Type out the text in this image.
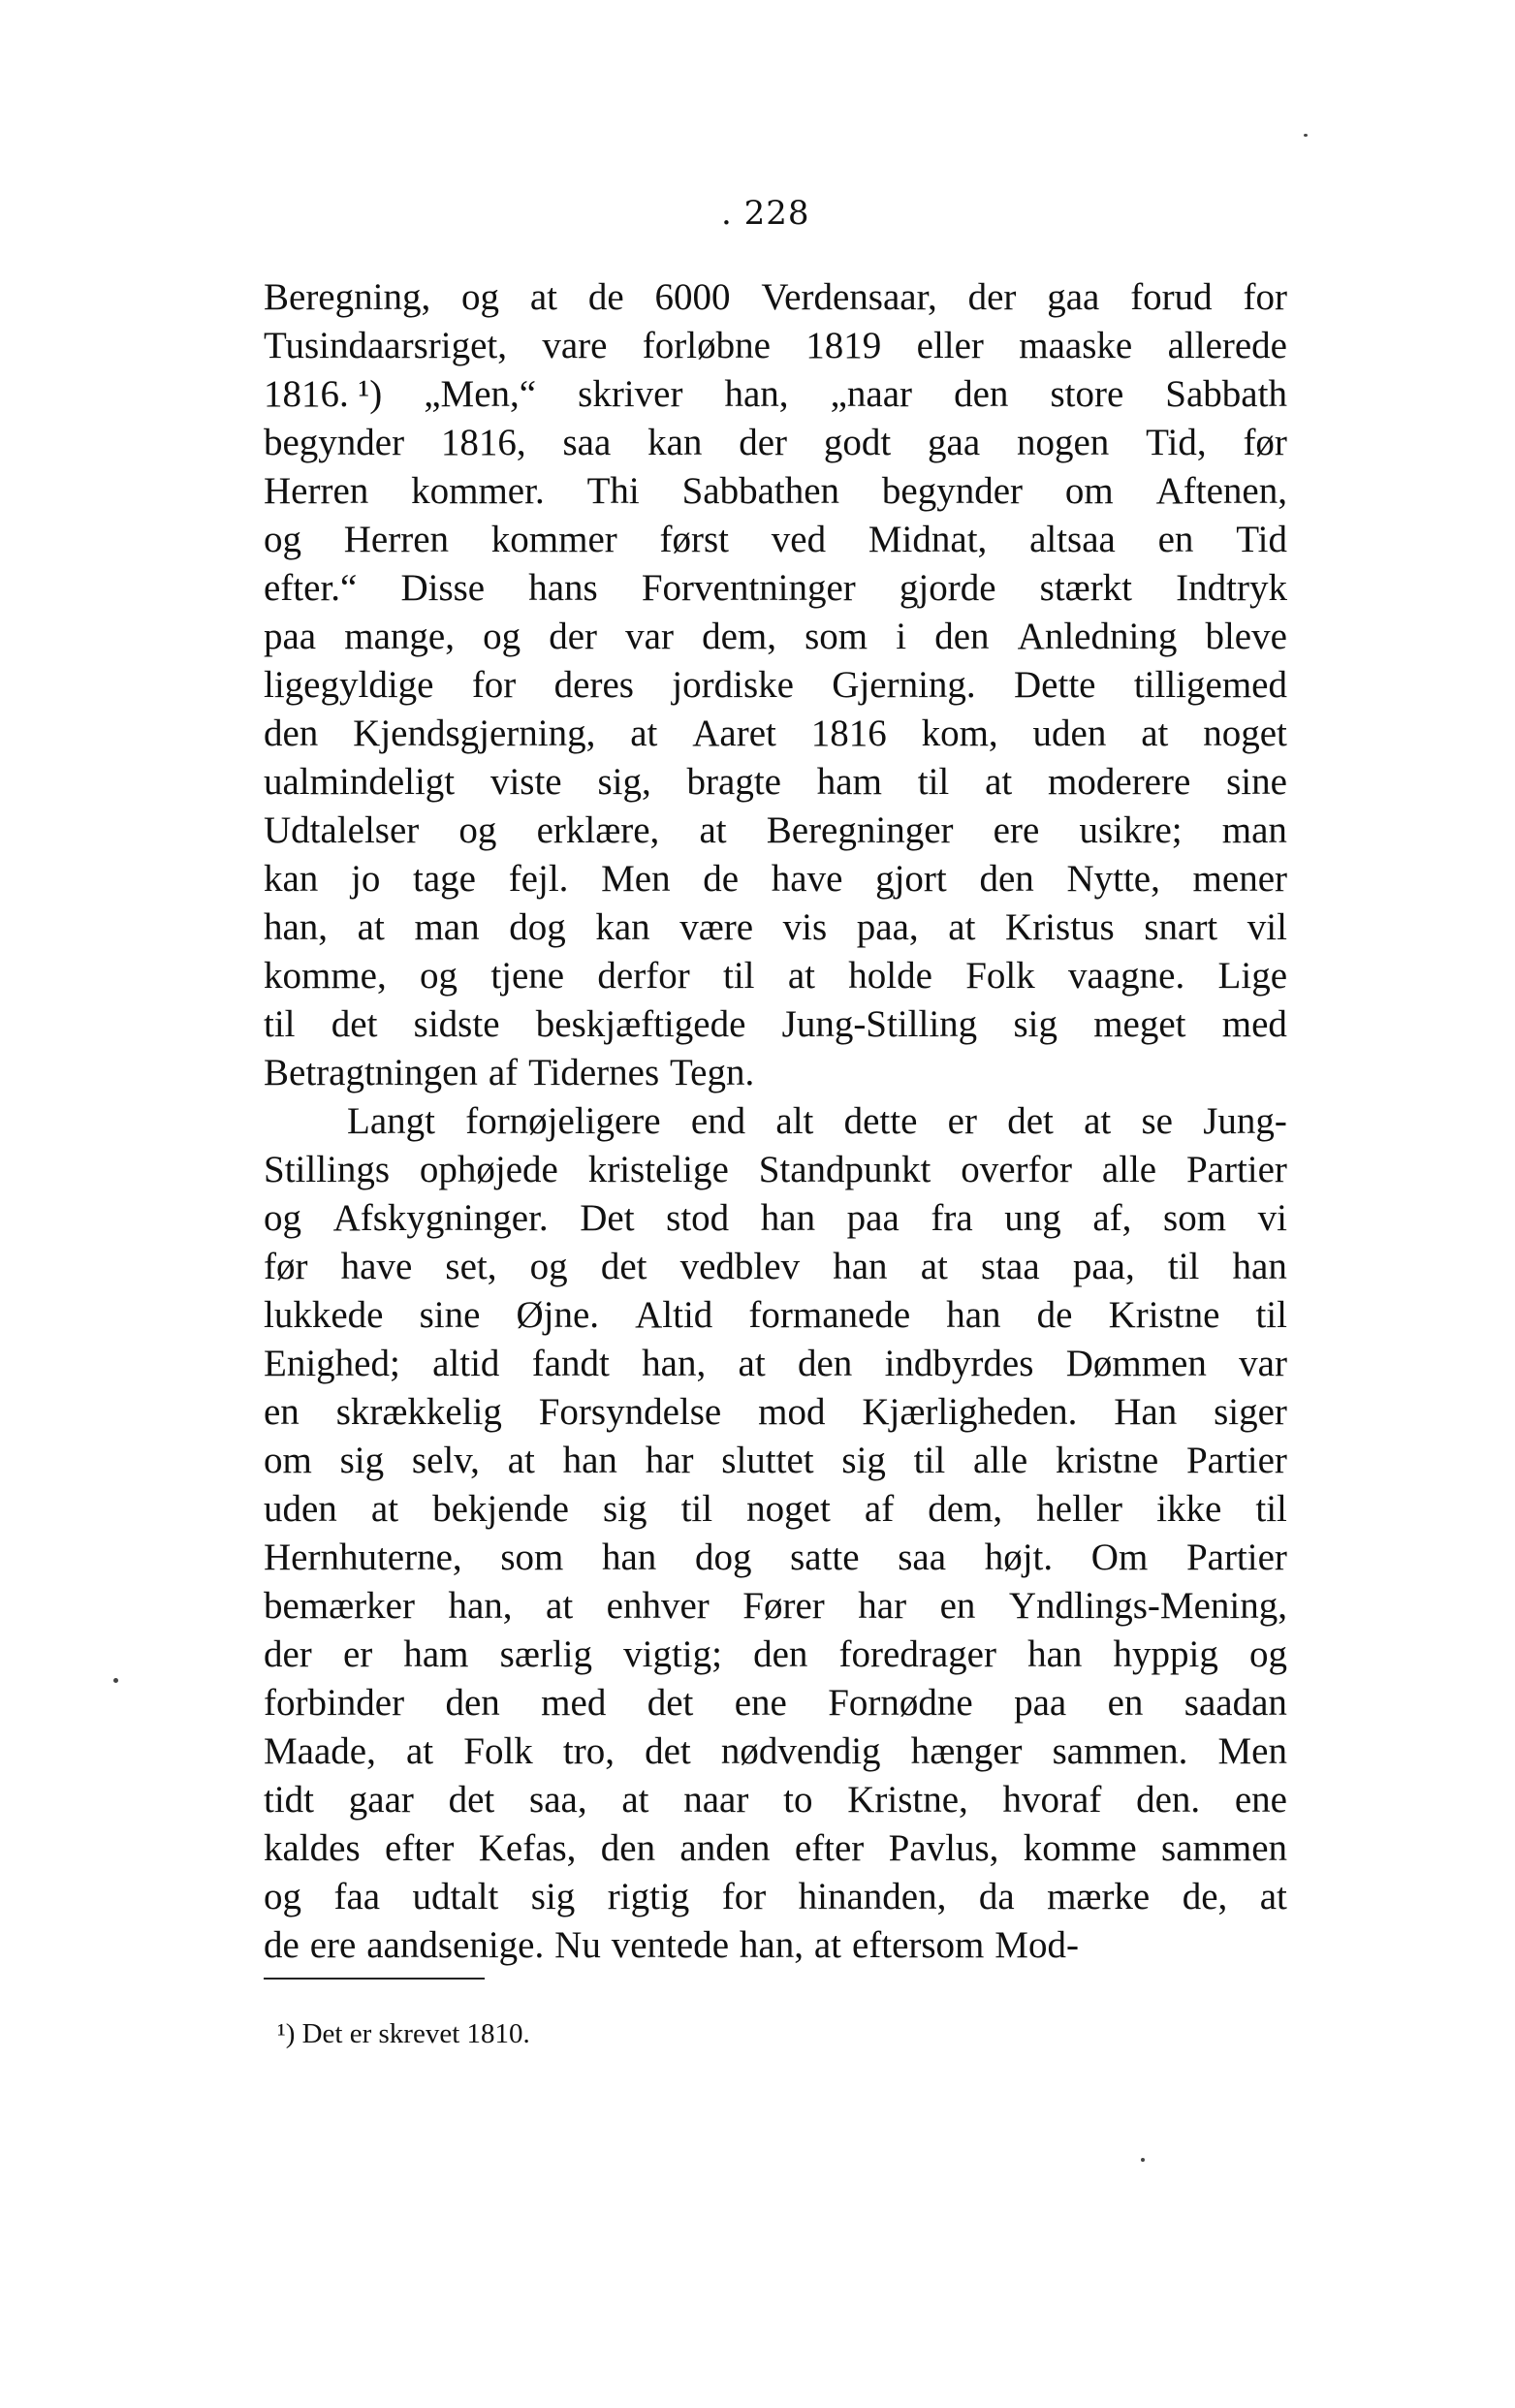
. 228
Beregning, og at de 6000 Verdensaar, der gaa forud for
Tusindaarsriget, vare forløbne 1819 eller maaske allerede
1816. ¹) „Men,“ skriver han, „naar den store Sabbath
begynder 1816, saa kan der godt gaa nogen Tid, før
Herren kommer. Thi Sabbathen begynder om Aftenen,
og Herren kommer først ved Midnat, altsaa en Tid
efter.“ Disse hans Forventninger gjorde stærkt Indtryk
paa mange, og der var dem, som i den Anledning bleve
ligegyldige for deres jordiske Gjerning. Dette tilligemed
den Kjendsgjerning, at Aaret 1816 kom, uden at noget
ualmindeligt viste sig, bragte ham til at moderere sine
Udtalelser og erklære, at Beregninger ere usikre; man
kan jo tage fejl. Men de have gjort den Nytte, mener
han, at man dog kan være vis paa, at Kristus snart vil
komme, og tjene derfor til at holde Folk vaagne. Lige
til det sidste beskjæftigede Jung-Stilling sig meget med
Betragtningen af Tidernes Tegn.
Langt fornøjeligere end alt dette er det at se Jung-
Stillings ophøjede kristelige Standpunkt overfor alle Partier
og Afskygninger. Det stod han paa fra ung af, som vi
før have set, og det vedblev han at staa paa, til han
lukkede sine Øjne. Altid formanede han de Kristne til
Enighed; altid fandt han, at den indbyrdes Dømmen var
en skrækkelig Forsyndelse mod Kjærligheden. Han siger
om sig selv, at han har sluttet sig til alle kristne Partier
uden at bekjende sig til noget af dem, heller ikke til
Hernhuterne, som han dog satte saa højt. Om Partier
bemærker han, at enhver Fører har en Yndlings-Mening,
der er ham særlig vigtig; den foredrager han hyppig og
forbinder den med det ene Fornødne paa en saadan
Maade, at Folk tro, det nødvendig hænger sammen. Men
tidt gaar det saa, at naar to Kristne, hvoraf den. ene
kaldes efter Kefas, den anden efter Pavlus, komme sammen
og faa udtalt sig rigtig for hinanden, da mærke de, at
de ere aandsenige. Nu ventede han, at eftersom Mod-
¹) Det er skrevet 1810.
